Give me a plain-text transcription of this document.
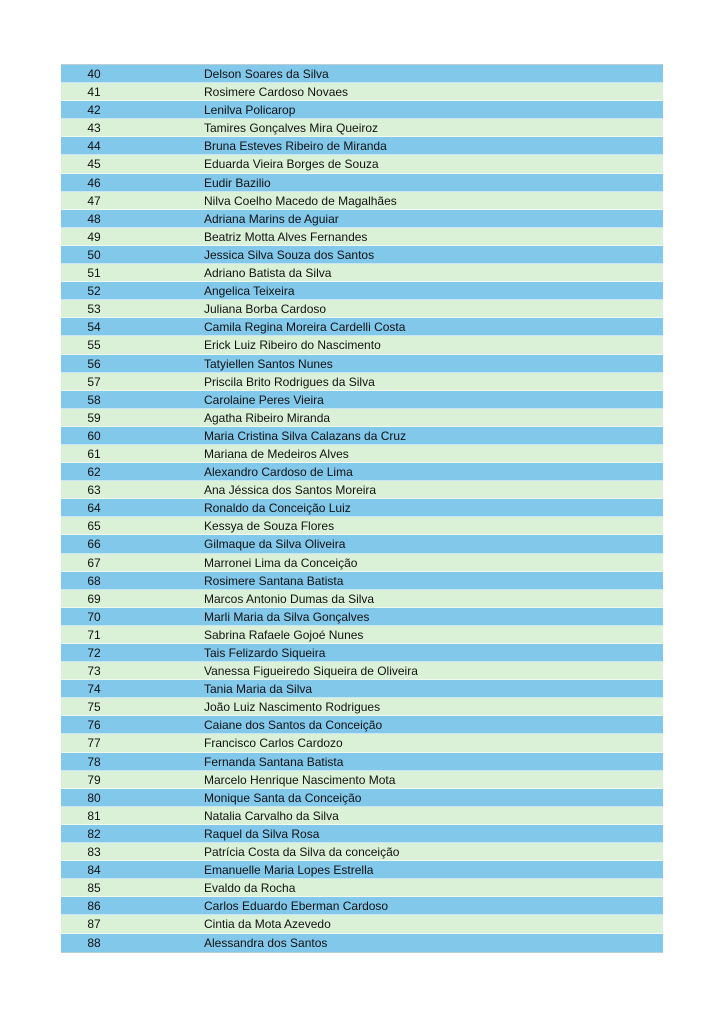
40	Delson Soares da Silva
41	Rosimere Cardoso Novaes
42	Lenilva Policarop
43	Tamires Gonçalves Mira Queiroz
44	Bruna Esteves Ribeiro de Miranda
45	Eduarda Vieira Borges de Souza
46	Eudir Bazilio
47	Nilva Coelho Macedo de Magalhães
48	Adriana Marins de Aguiar
49	Beatriz Motta Alves Fernandes
50	Jessica Silva Souza dos Santos
51	Adriano Batista da Silva
52	Angelica Teixeira
53	Juliana Borba Cardoso
54	Camila Regina Moreira Cardelli Costa
55	Erick Luiz Ribeiro do Nascimento
56	Tatyiellen Santos Nunes
57	Priscila Brito Rodrigues da Silva
58	Carolaine Peres Vieira
59	Agatha Ribeiro Miranda
60	Maria Cristina Silva Calazans da Cruz
61	Mariana de Medeiros Alves
62	Alexandro Cardoso de Lima
63	Ana Jéssica dos Santos Moreira
64	Ronaldo da Conceição Luiz
65	Kessya de Souza Flores
66	Gilmaque da Silva Oliveira
67	Marronei Lima da Conceição
68	Rosimere Santana Batista
69	Marcos Antonio Dumas da Silva
70	Marli Maria da Silva Gonçalves
71	Sabrina Rafaele Gojoé Nunes
72	Tais Felizardo Siqueira
73	Vanessa Figueiredo Siqueira de Oliveira
74	Tania Maria da Silva
75	João Luiz Nascimento Rodrigues
76	Caiane dos Santos da Conceição
77	Francisco Carlos Cardozo
78	Fernanda Santana Batista
79	Marcelo Henrique Nascimento Mota
80	Monique Santa da Conceição
81	Natalia Carvalho da Silva
82	Raquel da Silva Rosa
83	Patrícia Costa da Silva da conceição
84	Emanuelle Maria Lopes Estrella
85	Evaldo da Rocha
86	Carlos Eduardo Eberman Cardoso
87	Cintia da Mota Azevedo
88	Alessandra dos Santos
